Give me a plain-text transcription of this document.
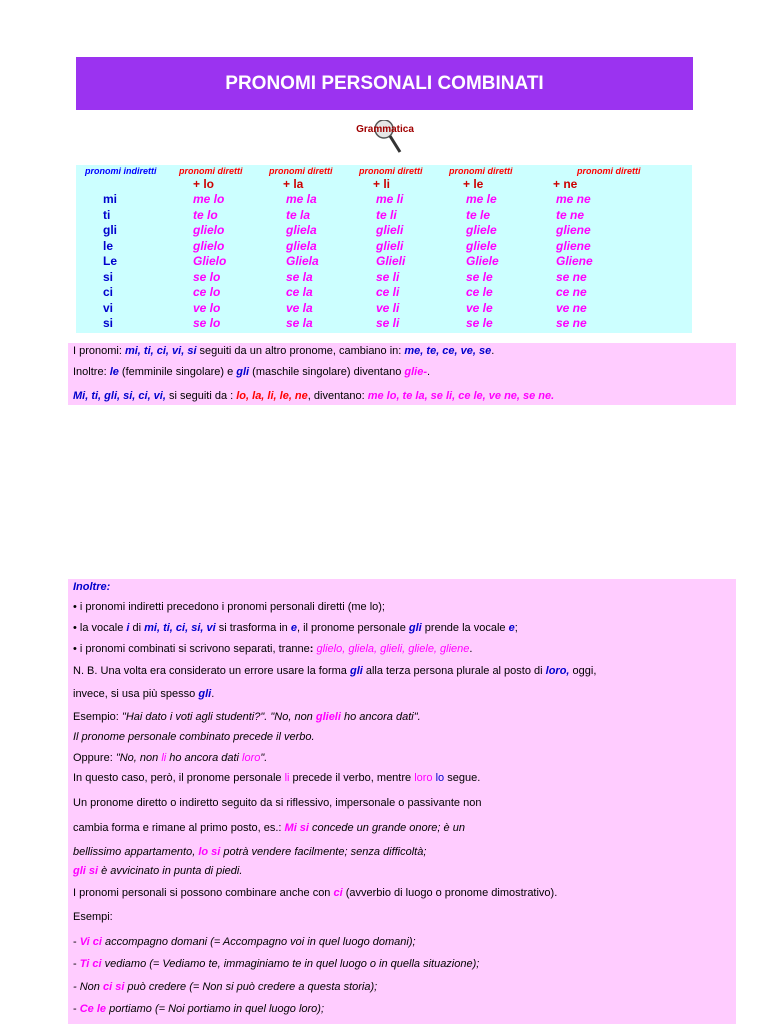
PRONOMI PERSONALI COMBINATI
Grammatica
pronomi indiretti

mi
ti
gli
le
Le
si
ci
vi
si
pronomi diretti
+ lo
me lo
te lo
glielo
glielo
Glielo
se lo
ce lo
ve lo
se lo
pronomi diretti
+ la
me la
te la
gliela
gliela
Gliela
se la
ce la
ve la
se la
pronomi diretti
+ li
me li
te li
glieli
glieli
Glieli
se li
ce li
ve li
se li
pronomi diretti
+ le
me le
te le
gliele
gliele
Gliele
se le
ce le
ve le
se le
pronomi diretti
+ ne
me ne
te ne
gliene
gliene
Gliene
se ne
ce ne
ve ne
se ne
I pronomi: mi, ti, ci, vi, si seguiti da un altro pronome, cambiano in: me, te, ce, ve, se.
Inoltre: le (femminile singolare) e gli (maschile singolare) diventano glie-.
Mi, ti, gli, si, ci, vi, si seguiti da : lo, la, li, le, ne, diventano: me lo, te la, se li, ce le, ve ne, se ne.
Inoltre:
• i pronomi indiretti precedono i pronomi personali diretti (me lo);
• la vocale i di mi, ti, ci, si, vi si trasforma in e, il pronome personale gli prende la vocale e;
• i pronomi combinati si scrivono separati, tranne: glielo, gliela, glieli, gliele, gliene.
N. B. Una volta era considerato un errore usare la forma gli alla terza persona plurale al posto di loro, oggi,
invece, si usa più spesso gli.
Esempio: "Hai dato i voti agli studenti?". "No, non glieli ho ancora dati".
Il pronome personale combinato precede il verbo.
Oppure: "No, non li ho ancora dati loro".
In questo caso, però, il pronome personale li precede il verbo, mentre loro lo segue.
Un pronome diretto o indiretto seguito da si riflessivo, impersonale o passivante non
cambia forma e rimane al primo posto, es.: Mi si concede un grande onore; è un
bellissimo appartamento, lo si potrà vendere facilmente; senza difficoltà;
gli si è avvicinato in punta di piedi.
I pronomi personali si possono combinare anche con ci (avverbio di luogo o pronome dimostrativo).
Esempi:
- Vi ci accompagno domani (= Accompagno voi in quel luogo domani);
- Ti ci vediamo (= Vediamo te, immaginiamo te in quel luogo o in quella situazione);
- Non ci si può credere (= Non si può credere a questa storia);
- Ce le portiamo (= Noi portiamo in quel luogo loro);
